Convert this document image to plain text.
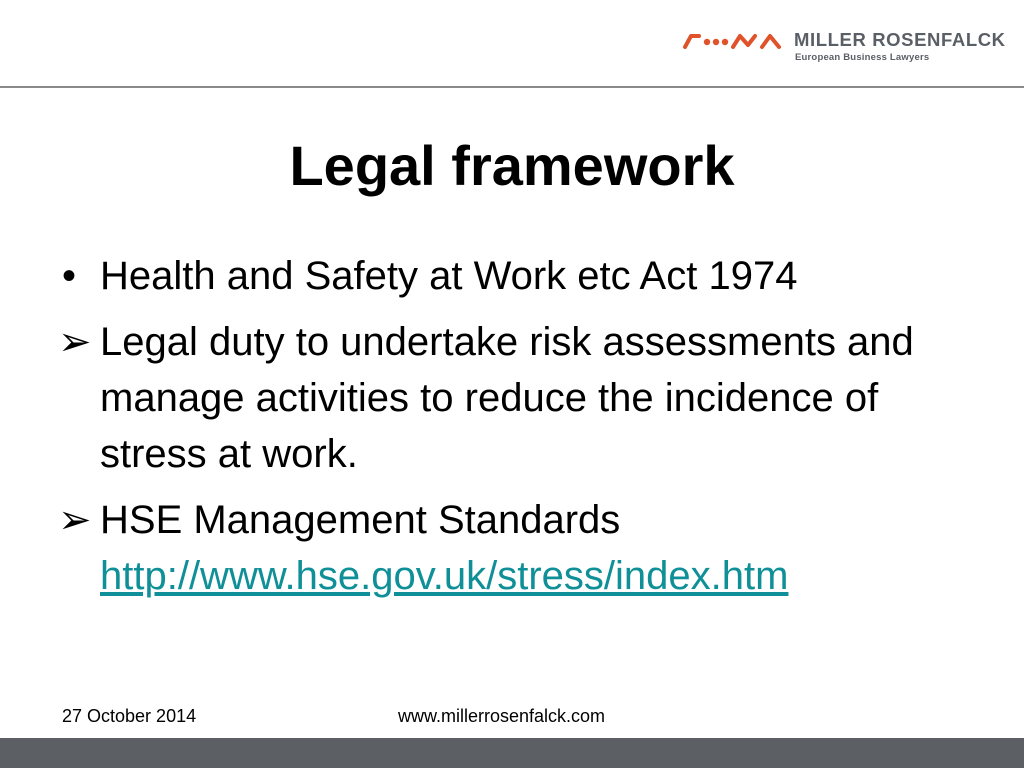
MILLER ROSENFALCK
European Business Lawyers
Legal framework
• Health and Safety at Work etc Act 1974
➢ Legal duty to undertake risk assessments and manage activities to reduce the incidence of stress at work.
➢ HSE Management Standards
http://www.hse.gov.uk/stress/index.htm
27 October 2014	www.millerrosenfalck.com
